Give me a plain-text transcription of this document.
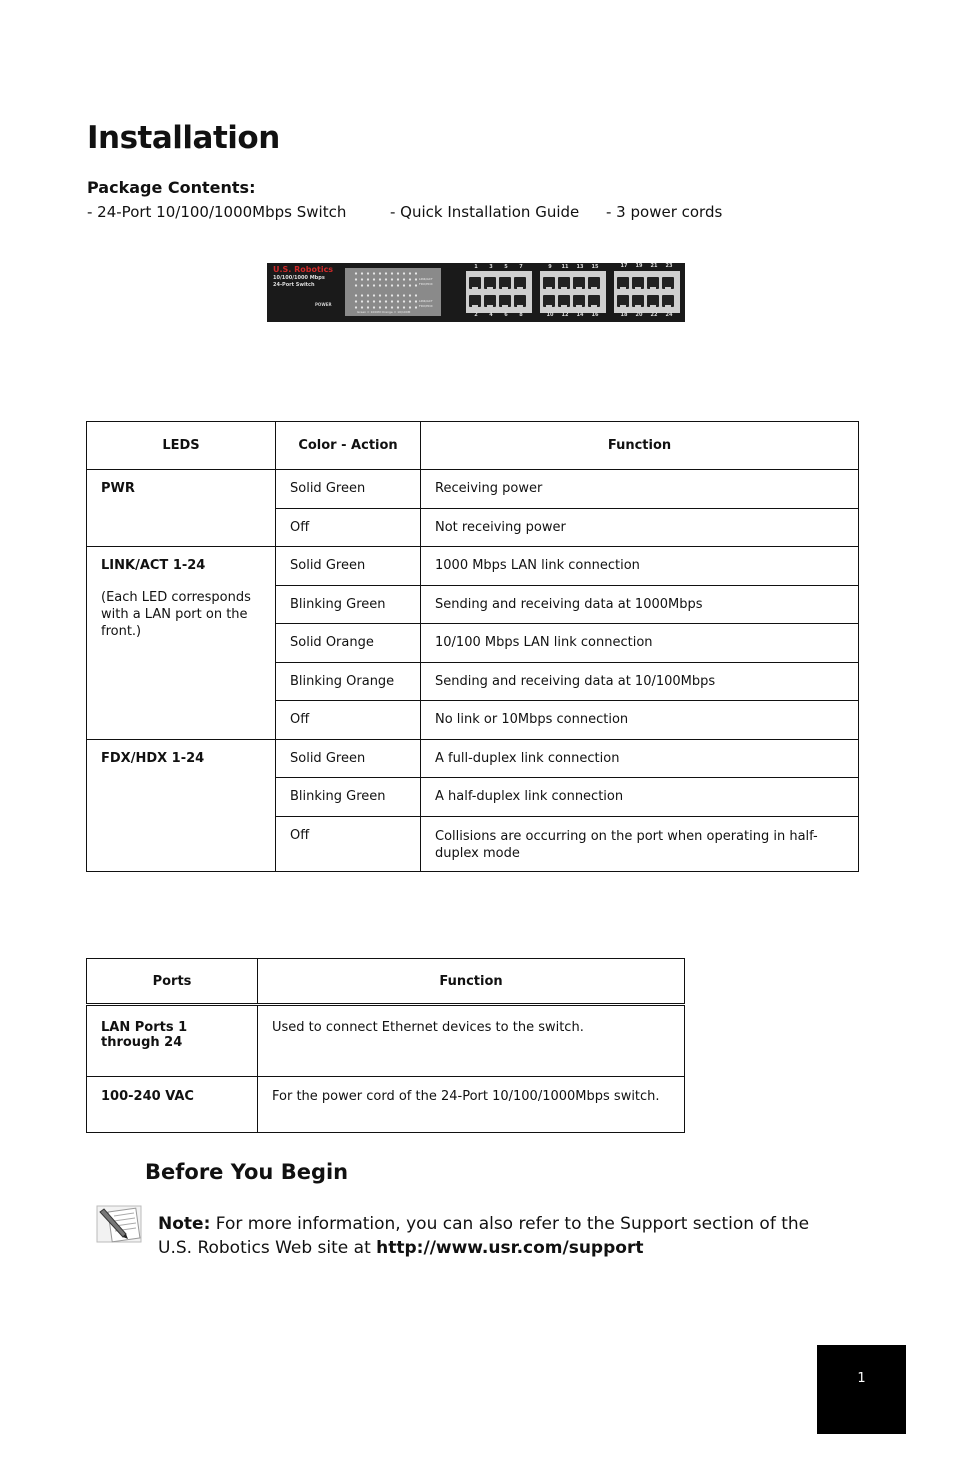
Installation
Package Contents:
- 24-Port 10/100/1000Mbps Switch	- Quick Installation Guide - 3 power cords
U.S. Robotics
10/100/1000 Mbps
24-Port Switch
POWER
LINK/ACT
FDX/HDX
LINK/ACT
FDX/HDX
Green = 1000M Orange = 10/100M
1	3	5	7	9	11	13	15	17	19	21	23
2	4	6	8	10	12	14	16	18	20	22	24
LEDS	Color - Action	Function
PWR	Solid Green	Receiving power
	Off	Not receiving power

LINK/ACT 1-24
(Each LED corresponds with a LAN port on the front.)	Solid Green	1000 Mbps LAN link connection
	Blinking Green	Sending and receiving data at 1000Mbps
	Solid Orange	10/100 Mbps LAN link connection
	Blinking Orange	Sending and receiving data at 10/100Mbps
	Off	No link or 10Mbps connection
FDX/HDX 1-24	Solid Green	A full-duplex link connection
	Blinking Green	A half-duplex link connection
	Off	Collisions are occurring on the port when operating in half-duplex mode
Ports	Function
LAN Ports 1 through 24	Used to connect Ethernet devices to the switch.
100-240 VAC	For the power cord of the 24-Port 10/100/1000Mbps switch.
Before You Begin
Note: For more information, you can also refer to the Support section of the U.S. Robotics Web site at http://www.usr.com/support
1
